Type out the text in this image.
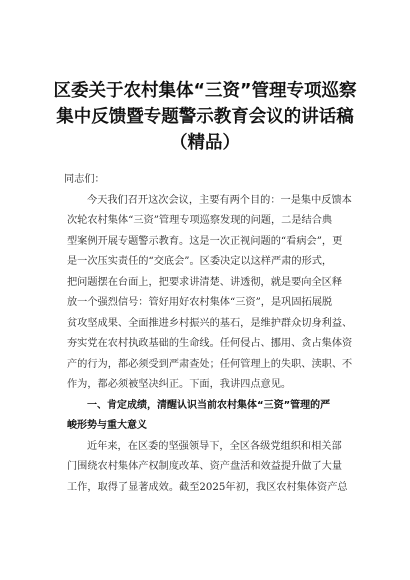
区委关于农村集体“三资”管理专项巡察
集中反馈暨专题警示教育会议的讲话稿
（精品）
同志们：
今天我们召开这次会议，主要有两个目的：一是集中反馈本
次轮农村集体“三资”管理专项巡察发现的问题，二是结合典
型案例开展专题警示教育。这是一次正视问题的“看病会”，更
是一次压实责任的“交底会”。区委决定以这样严肃的形式，
把问题摆在台面上，把要求讲清楚、讲透彻，就是要向全区释
放一个强烈信号：管好用好农村集体“三资”，是巩固拓展脱
贫攻坚成果、全面推进乡村振兴的基石，是维护群众切身利益、
夯实党在农村执政基础的生命线。任何侵占、挪用、贪占集体资
产的行为，都必须受到严肃查处；任何管理上的失职、渎职、不
作为，都必须被坚决纠正。下面，我讲四点意见。
一、肯定成绩，清醒认识当前农村集体“三资”管理的严
峻形势与重大意义
近年来，在区委的坚强领导下，全区各级党组织和相关部
门围绕农村集体产权制度改革、资产盘活和效益提升做了大量
工作，取得了显著成效。截至2025年初，我区农村集体资产总
